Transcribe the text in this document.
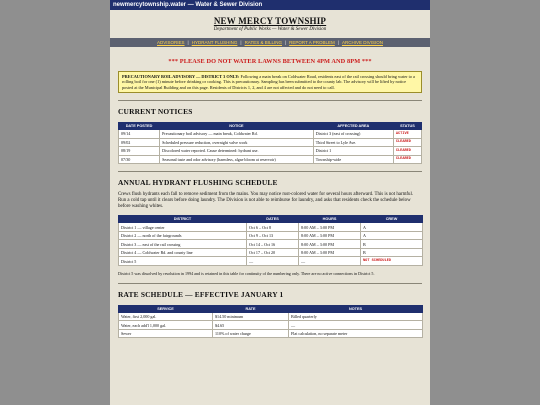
newmercytownship.water — Water & Sewer Division
NEW MERCY TOWNSHIP
Department of Public Works — Water & Sewer Division
ADVISORIES | HYDRANT FLUSHING | RATES & BILLING | REPORT A PROBLEM | ARCHIVE DIVISION
*** PLEASE DO NOT WATER LAWNS BETWEEN 4PM AND 8PM ***
PRECAUTIONARY BOIL ADVISORY — DISTRICT 3 ONLY: Following a main break on Coldwater Road, residents east of the rail crossing should bring water to a rolling boil for one (1) minute before drinking or cooking. This is precautionary. Sampling has been submitted to the county lab. The advisory will be lifted by notice posted at the Municipal Building and on this page. Residents of Districts 1, 2, and 4 are not affected and do not need to call.
CURRENT NOTICES
DATE POSTED	NOTICE	AFFECTED AREA	STATUS
09/14	Precautionary boil advisory — main break, Coldwater Rd.	District 3 (east of crossing)	ACTIVE
09/02	Scheduled pressure reduction, overnight valve work	Third Street to Lyle Ave.	CLEARED
08/19	Discolored water reported. Cause determined: hydrant use.	District 1	CLEARED
07/30	Seasonal taste and odor advisory (harmless, algae bloom at reservoir)	Township-wide	CLEARED
ANNUAL HYDRANT FLUSHING SCHEDULE

Crews flush hydrants each fall to remove sediment from the mains. You may notice rust-colored water for several hours afterward. This is not harmful. Run a cold tap until it clears before doing laundry. The Division is not able to reimburse for laundry, and asks that residents check the schedule below before washing whites.

DISTRICT	DATES	HOURS	CREW
District 1 — village center	Oct 6 – Oct 8	8:00 AM – 3:00 PM	A
District 2 — north of the fairgrounds	Oct 9 – Oct 13	8:00 AM – 3:00 PM	A
District 3 — east of the rail crossing	Oct 14 – Oct 16	8:00 AM – 3:00 PM	B
District 4 — Coldwater Rd. and county line	Oct 17 – Oct 20	8:00 AM – 3:00 PM	B
District 5	—	—	NOT SCHEDULED

District 5 was dissolved by resolution in 1994 and is retained in this table for continuity of the numbering only. There are no active connections in District 5.

RATE SCHEDULE — EFFECTIVE JANUARY 1
SERVICE	RATE	NOTES
Water, first 2,000 gal.	$14.50 minimum	Billed quarterly
Water, each add'l 1,000 gal.	$4.65	—
Sewer	110% of water charge	Flat calculation, no separate meter
